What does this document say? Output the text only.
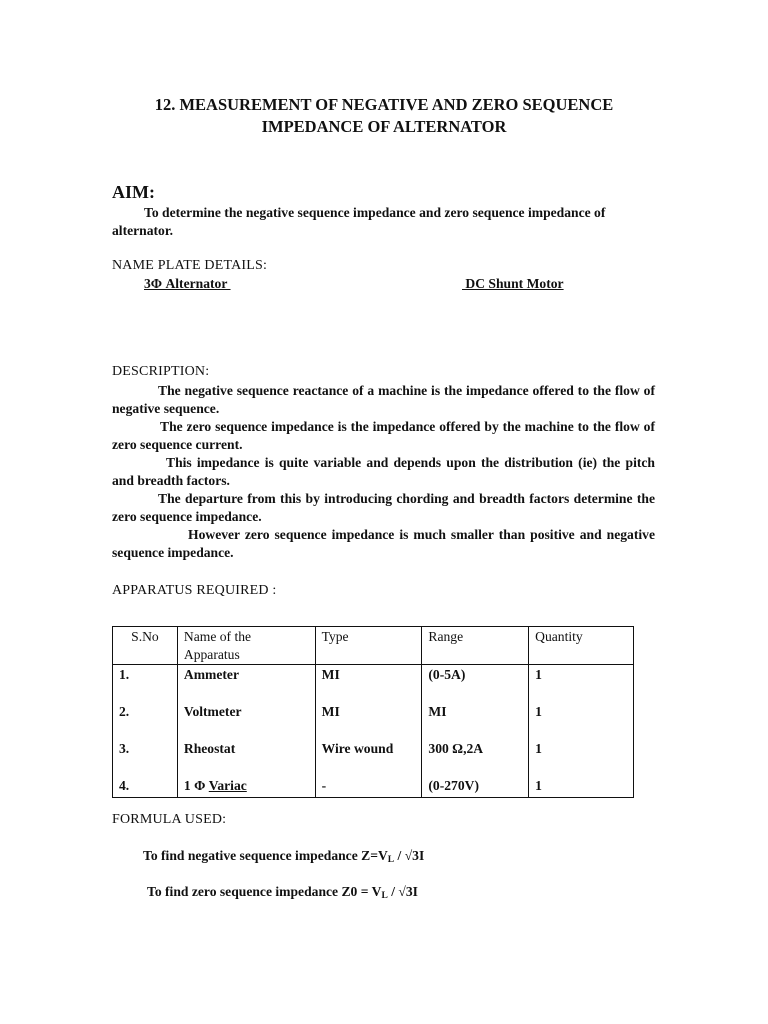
12. MEASUREMENT OF NEGATIVE AND ZERO SEQUENCE
IMPEDANCE OF ALTERNATOR
AIM:
To determine the negative sequence impedance and zero sequence impedance of alternator.
NAME PLATE DETAILS:
3Φ Alternator	DC Shunt Motor
DESCRIPTION:

The negative sequence reactance of a machine is the impedance offered to the flow of negative sequence.

The zero sequence impedance is the impedance offered by the machine to the flow of zero sequence current.

This impedance is quite variable and depends upon the distribution (ie) the pitch and breadth factors.

The departure from this by introducing chording and breadth factors determine the zero sequence impedance.

However zero sequence impedance is much smaller than positive and negative sequence impedance.

APPARATUS REQUIRED :
S.No	Name of the Apparatus	Type	Range	Quantity
1.	Ammeter	MI	(0-5A)	1
2.	Voltmeter	MI	MI	1
3.	Rheostat	Wire wound	300 Ω,2A	1
4.	1 Φ Variac	-	(0-270V)	1
FORMULA USED:
To find negative sequence impedance $Z=V_L / √3I$
To find zero sequence impedance $Z0 = V_L / √3I$
